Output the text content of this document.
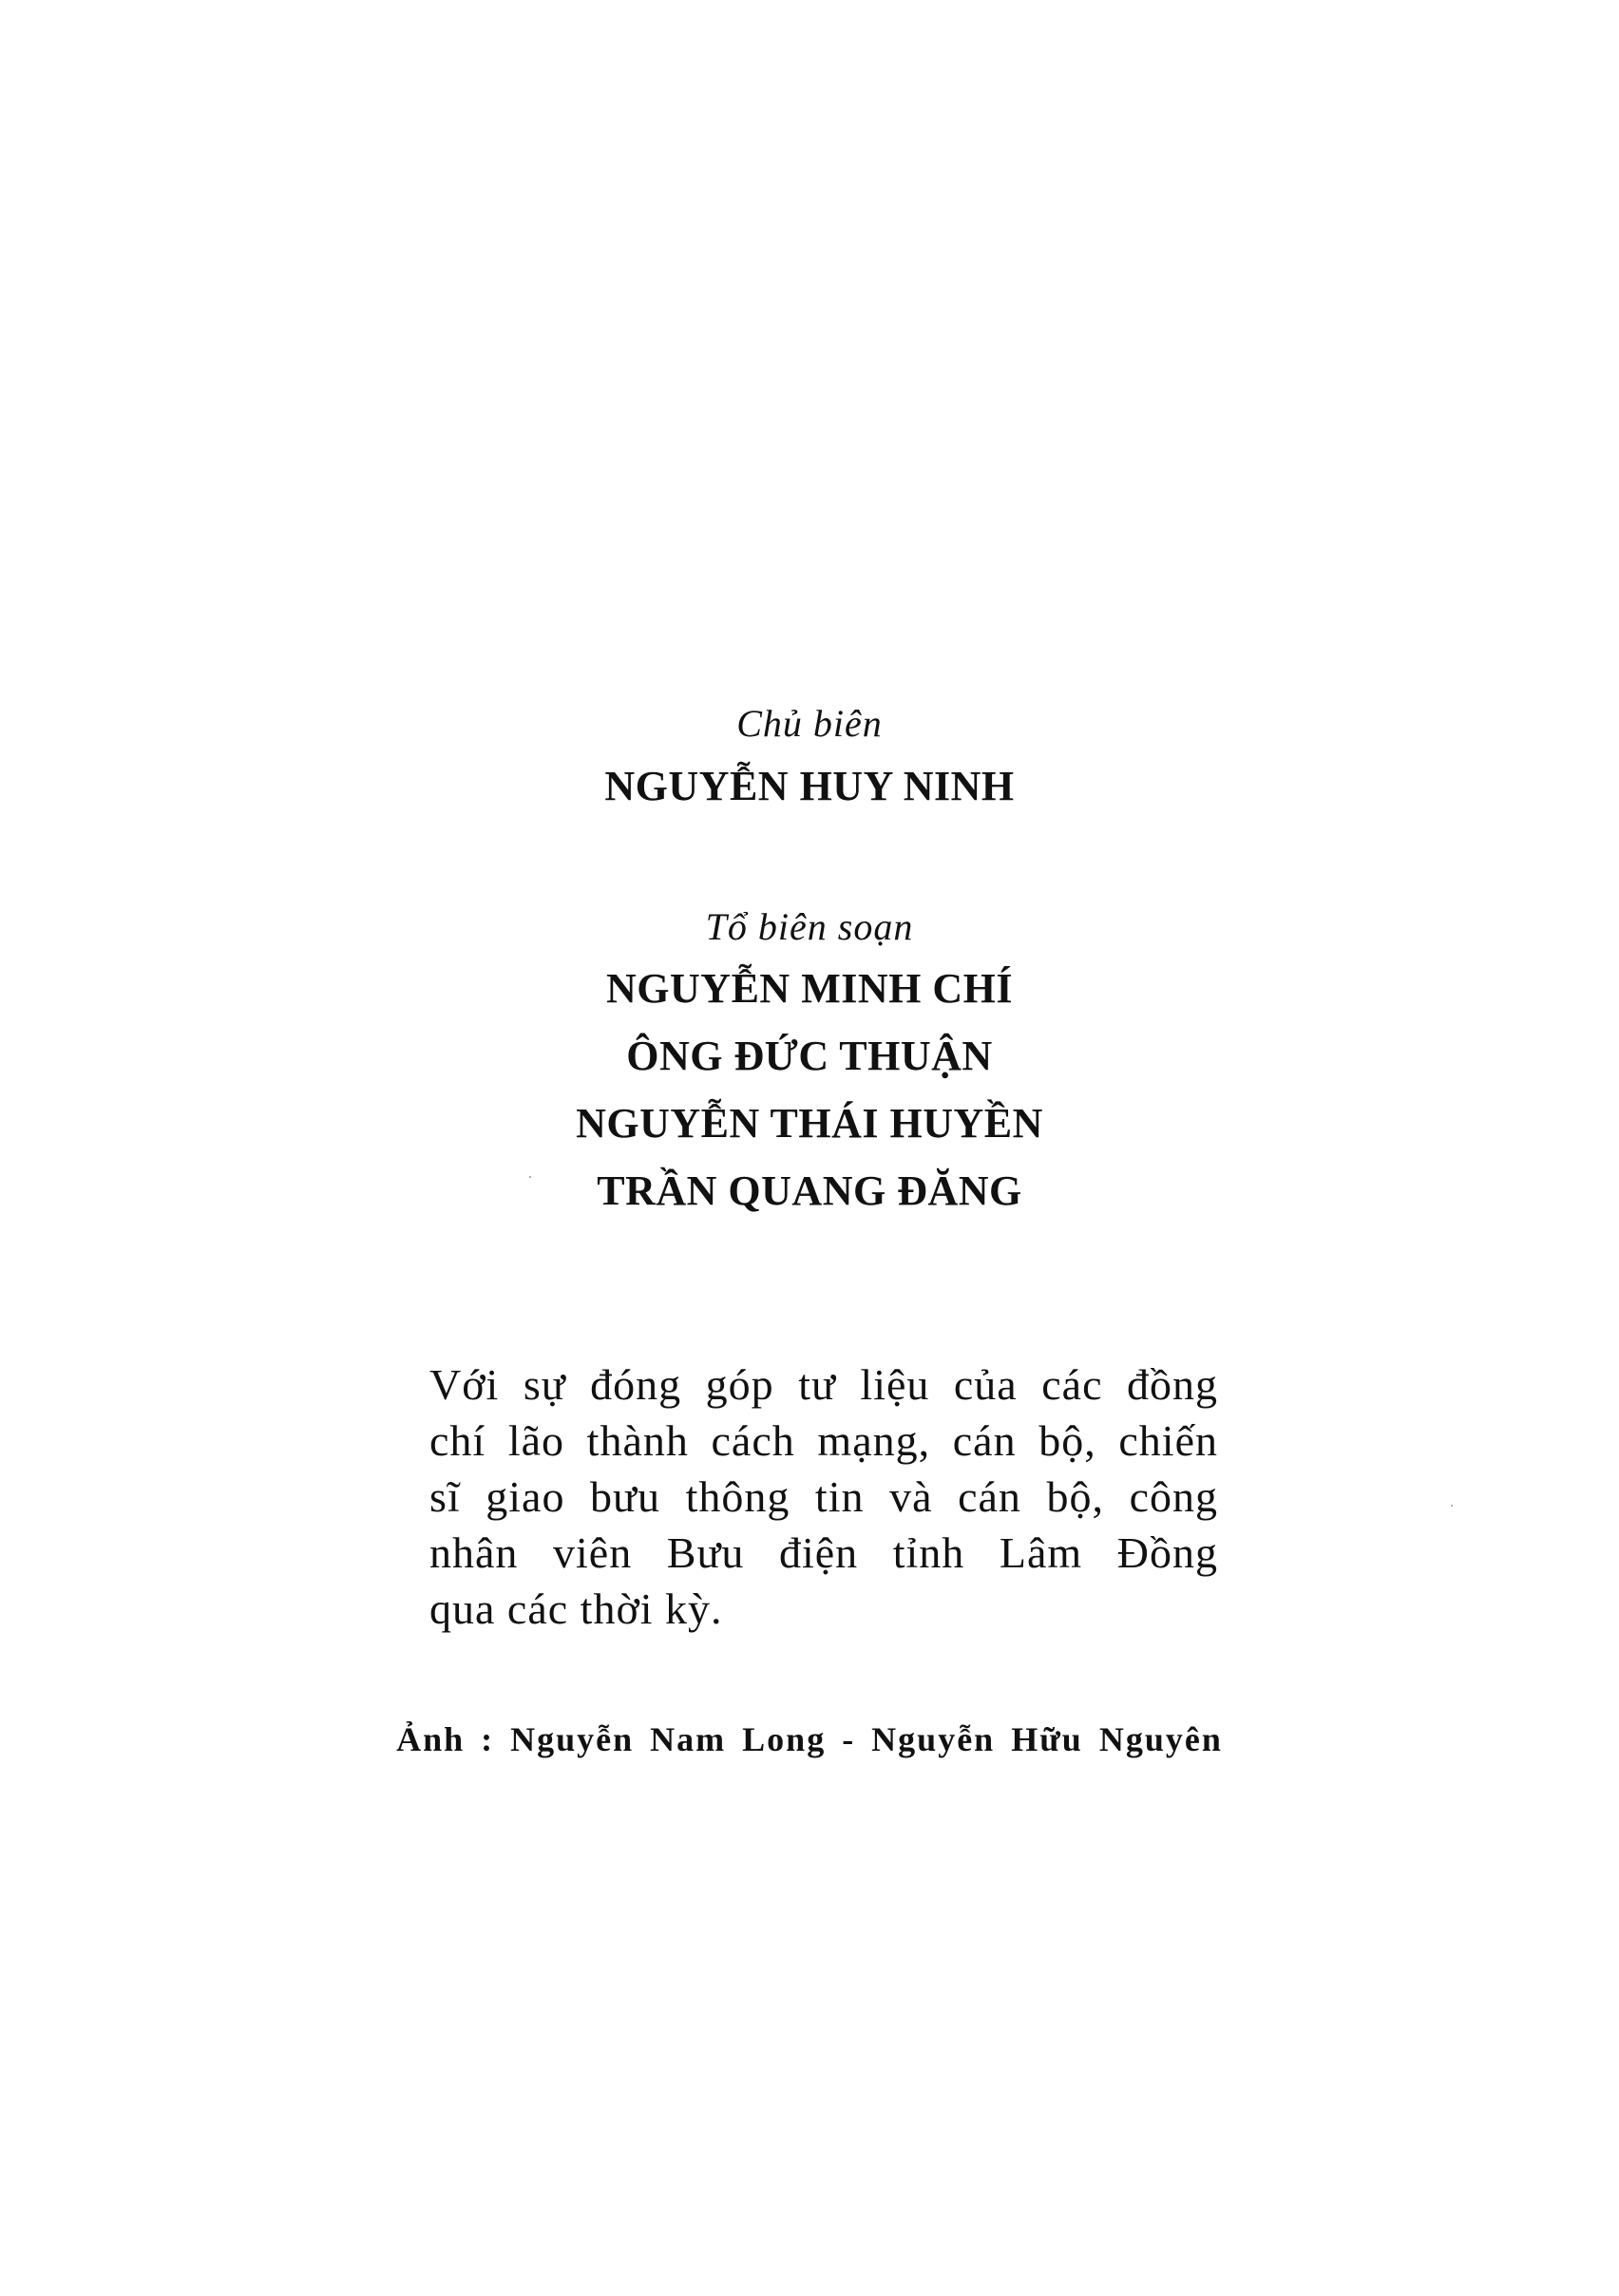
Chủ biên
NGUYỄN HUY NINH
Tổ biên soạn
NGUYỄN MINH CHÍ
ÔNG ĐỨC THUẬN
NGUYỄN THÁI HUYỀN
TRẦN QUANG ĐĂNG
Với sự đóng góp tư liệu của các đồng
chí lão thành cách mạng, cán bộ, chiến
sĩ giao bưu thông tin và cán bộ, công
nhân viên Bưu điện tỉnh Lâm Đồng
qua các thời kỳ.
Ảnh : Nguyễn Nam Long - Nguyễn Hữu Nguyên
